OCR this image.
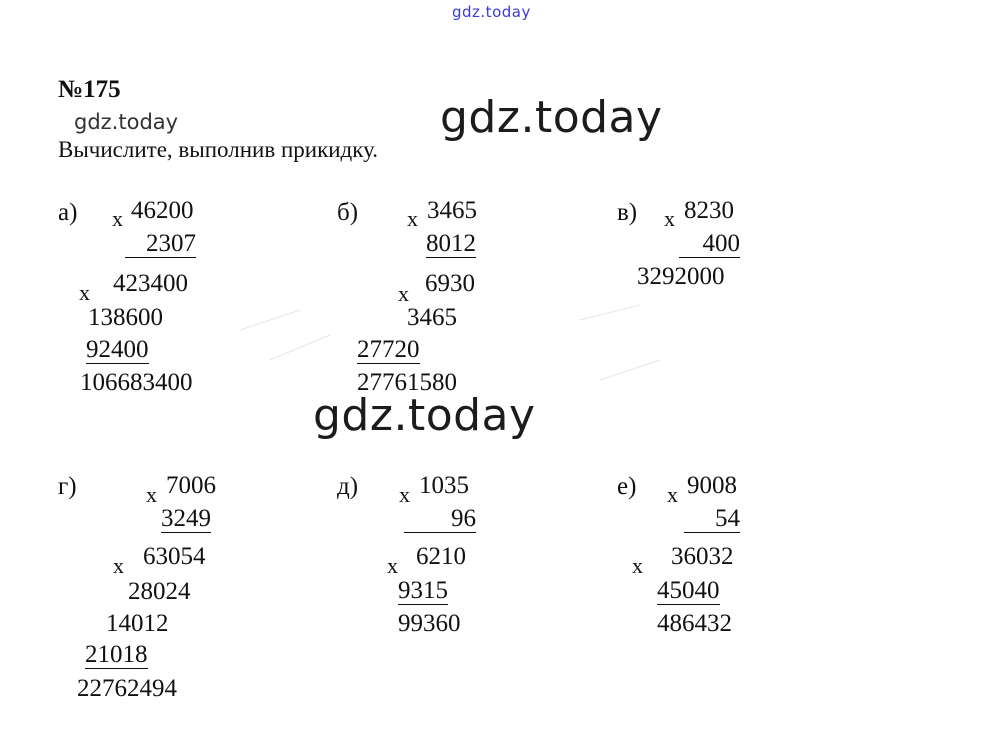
gdz.today
gdz.today	gdz.today
gdz.today
№175
Вычислите, выполнив прикидку.
а) x 46200
2307
x 423400
138600
92400
106683400
б) x 3465
8012
x 6930
3465
27720
27761580
в) x 8230
400
3292000
г)	x 7006
3249
x 63054
28024
14012
21018
22762494
д) x 1035
96
x 6210
9315
99360
е) x 9008
54
x 36032
45040
486432
